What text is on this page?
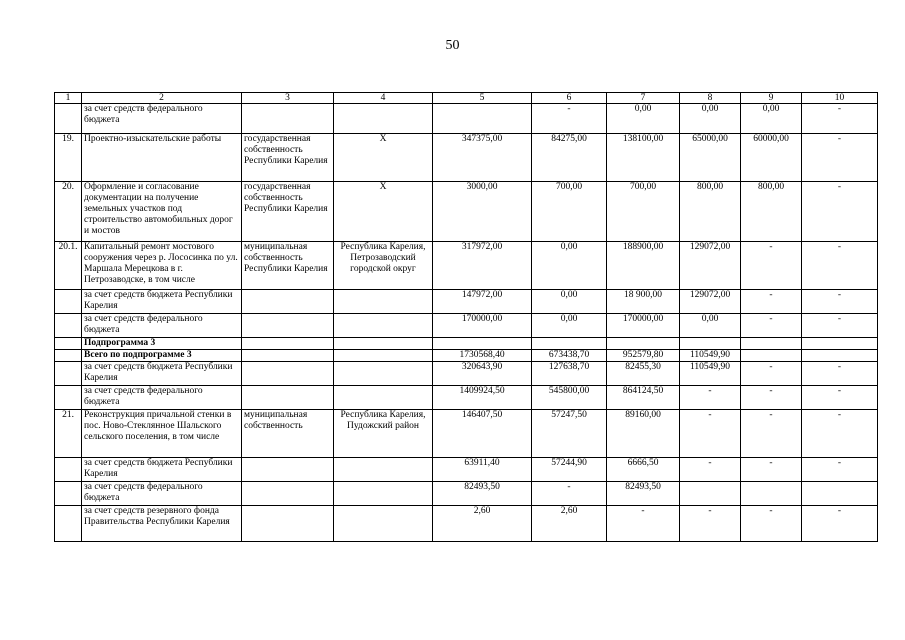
50
1	2	3	4	5	6	7	8	9	10
	за счет средств федерального бюджета				-	0,00	0,00	0,00	-
19.	Проектно-изыскательские работы	государственная собственность Республики Карелия	Х	347375,00	84275,00	138100,00	65000,00	60000,00	-
20.	Оформление и согласование документации на получение земельных участков под строительство автомобильных дорог и мостов	государственная собственность Республики Карелия	Х	3000,00	700,00	700,00	800,00	800,00	-
20.1.	Капитальный ремонт мостового сооружения через р. Лососинка по ул. Маршала Мерецкова в г. Петрозаводске, в том числе	муниципальная собственность Республики Карелия	Республика Карелия, Петрозаводский городской округ	317972,00	0,00	188900,00	129072,00	-	-
	за счет средств бюджета Республики Карелия			147972,00	0,00	18 900,00	129072,00	-	-
	за счет средств федерального бюджета			170000,00	0,00	170000,00	0,00	-	-
	Подпрограмма 3								
	Всего по подпрограмме 3			1730568,40	673438,70	952579,80	110549,90		
	за счет средств бюджета Республики Карелия			320643,90	127638,70	82455,30	110549,90	-	-
	за счет средств федерального бюджета			1409924,50	545800,00	864124,50	-	-	-
21.	Реконструкция причальной стенки в пос. Ново-Стеклянное Шальского сельского поселения, в том числе	муниципальная собственность	Республика Карелия, Пудожский район	146407,50	57247,50	89160,00	-	-	-
	за счет средств бюджета Республики Карелия			63911,40	57244,90	6666,50	-	-	-
	за счет средств федерального бюджета			82493,50	-	82493,50			
	за счет средств резервного фонда Правительства Республики Карелия			2,60	2,60	-	-	-	-
